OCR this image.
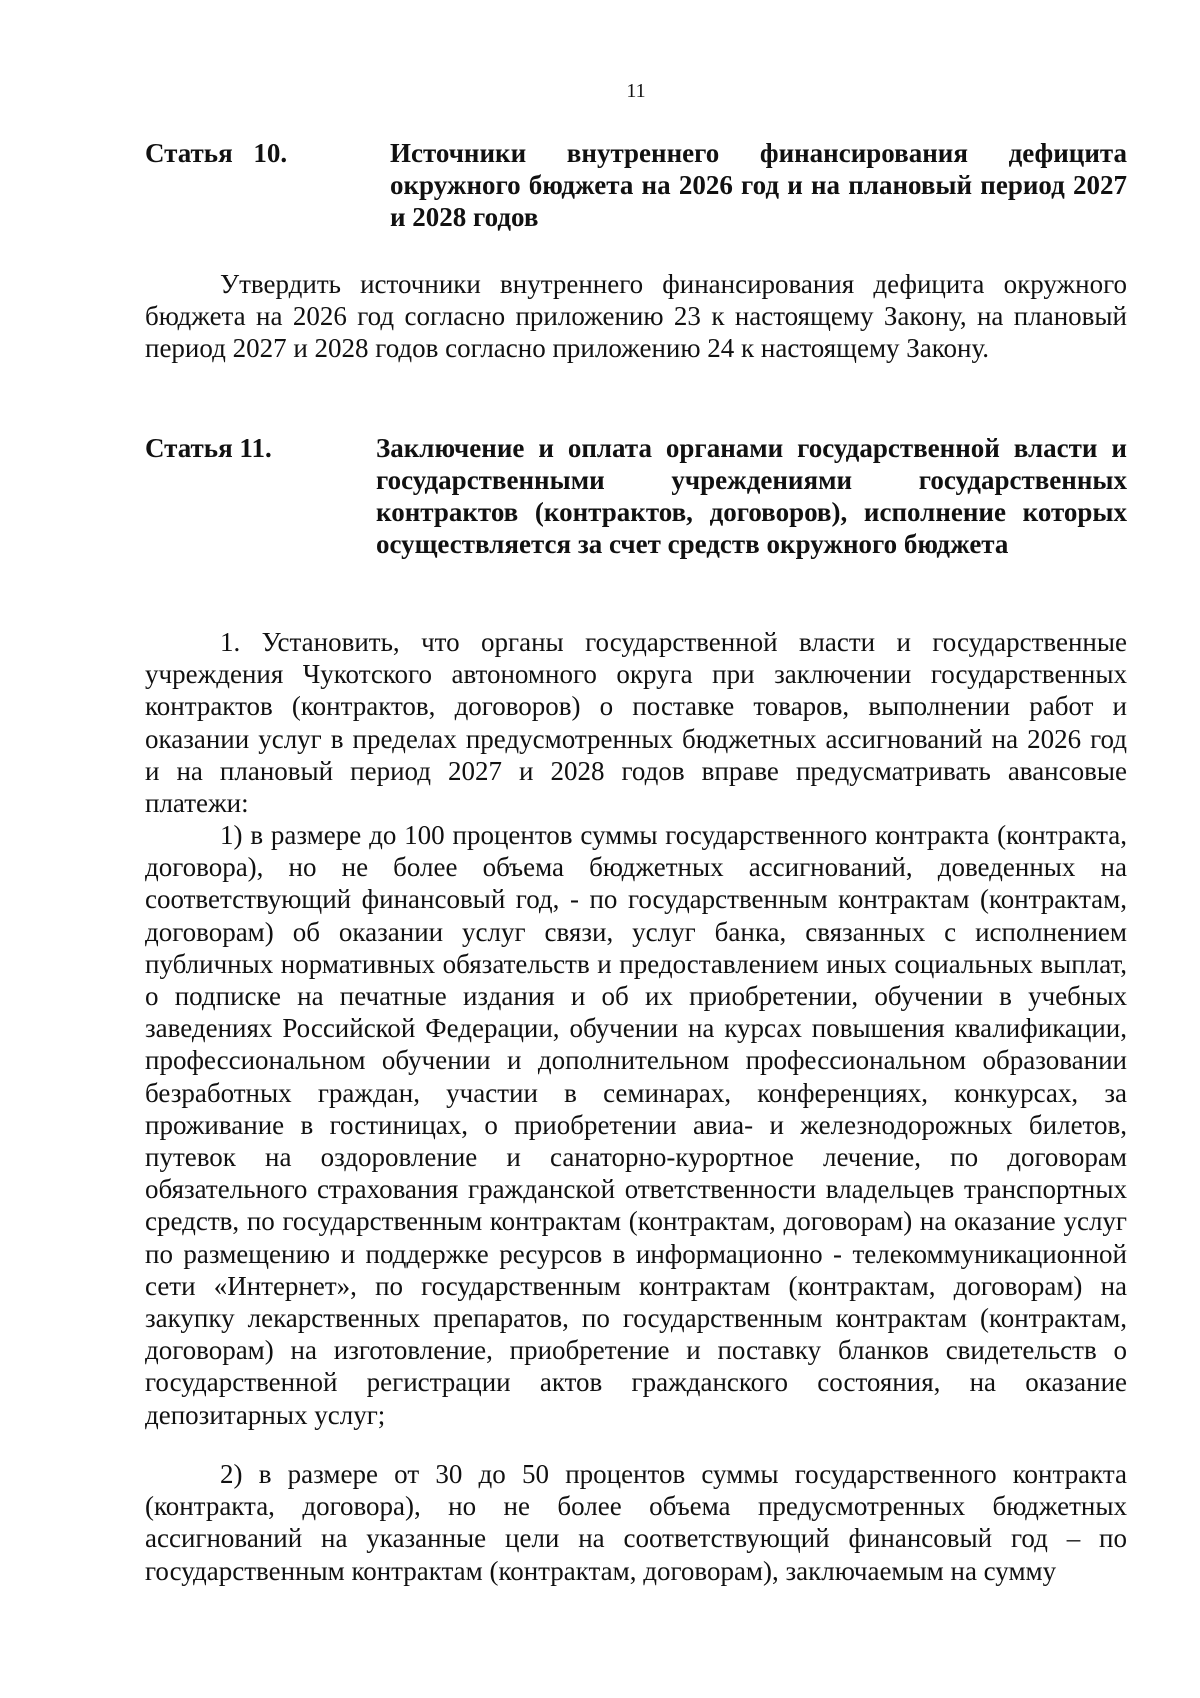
11
Статья 10.	Источники внутреннего финансирования дефицита окружного бюджета на 2026 год и на плановый период 2027 и 2028 годов

Утвердить источники внутреннего финансирования дефицита окружного бюджета на 2026 год согласно приложению 23 к настоящему Закону, на плановый период 2027 и 2028 годов согласно приложению 24 к настоящему Закону.

Статья 11.	Заключение и оплата органами государственной власти и государственными учреждениями государственных контрактов (контрактов, договоров), исполнение которых осуществляется за счет средств окружного бюджета

1. Установить, что органы государственной власти и государственные учреждения Чукотского автономного округа при заключении государственных контрактов (контрактов, договоров) о поставке товаров, выполнении работ и оказании услуг в пределах предусмотренных бюджетных ассигнований на 2026 год и на плановый период 2027 и 2028 годов вправе предусматривать авансовые платежи:

1) в размере до 100 процентов суммы государственного контракта (контракта, договора), но не более объема бюджетных ассигнований, доведенных на соответствующий финансовый год, - по государственным контрактам (контрактам, договорам) об оказании услуг связи, услуг банка, связанных с исполнением публичных нормативных обязательств и предоставлением иных социальных выплат, о подписке на печатные издания и об их приобретении, обучении в учебных заведениях Российской Федерации, обучении на курсах повышения квалификации, профессиональном обучении и дополнительном профессиональном образовании безработных граждан, участии в семинарах, конференциях, конкурсах, за проживание в гостиницах, о приобретении авиа- и железнодорожных билетов, путевок на оздоровление и санаторно-курортное лечение, по договорам обязательного страхования гражданской ответственности владельцев транспортных средств, по государственным контрактам (контрактам, договорам) на оказание услуг по размещению и поддержке ресурсов в информационно - телекоммуникационной сети «Интернет», по государственным контрактам (контрактам, договорам) на закупку лекарственных препаратов, по государственным контрактам (контрактам, договорам) на изготовление, приобретение и поставку бланков свидетельств о государственной регистрации актов гражданского состояния, на оказание депозитарных услуг;

2) в размере от 30 до 50 процентов суммы государственного контракта (контракта, договора), но не более объема предусмотренных бюджетных ассигнований на указанные цели на соответствующий финансовый год – по государственным контрактам (контрактам, договорам), заключаемым на сумму
